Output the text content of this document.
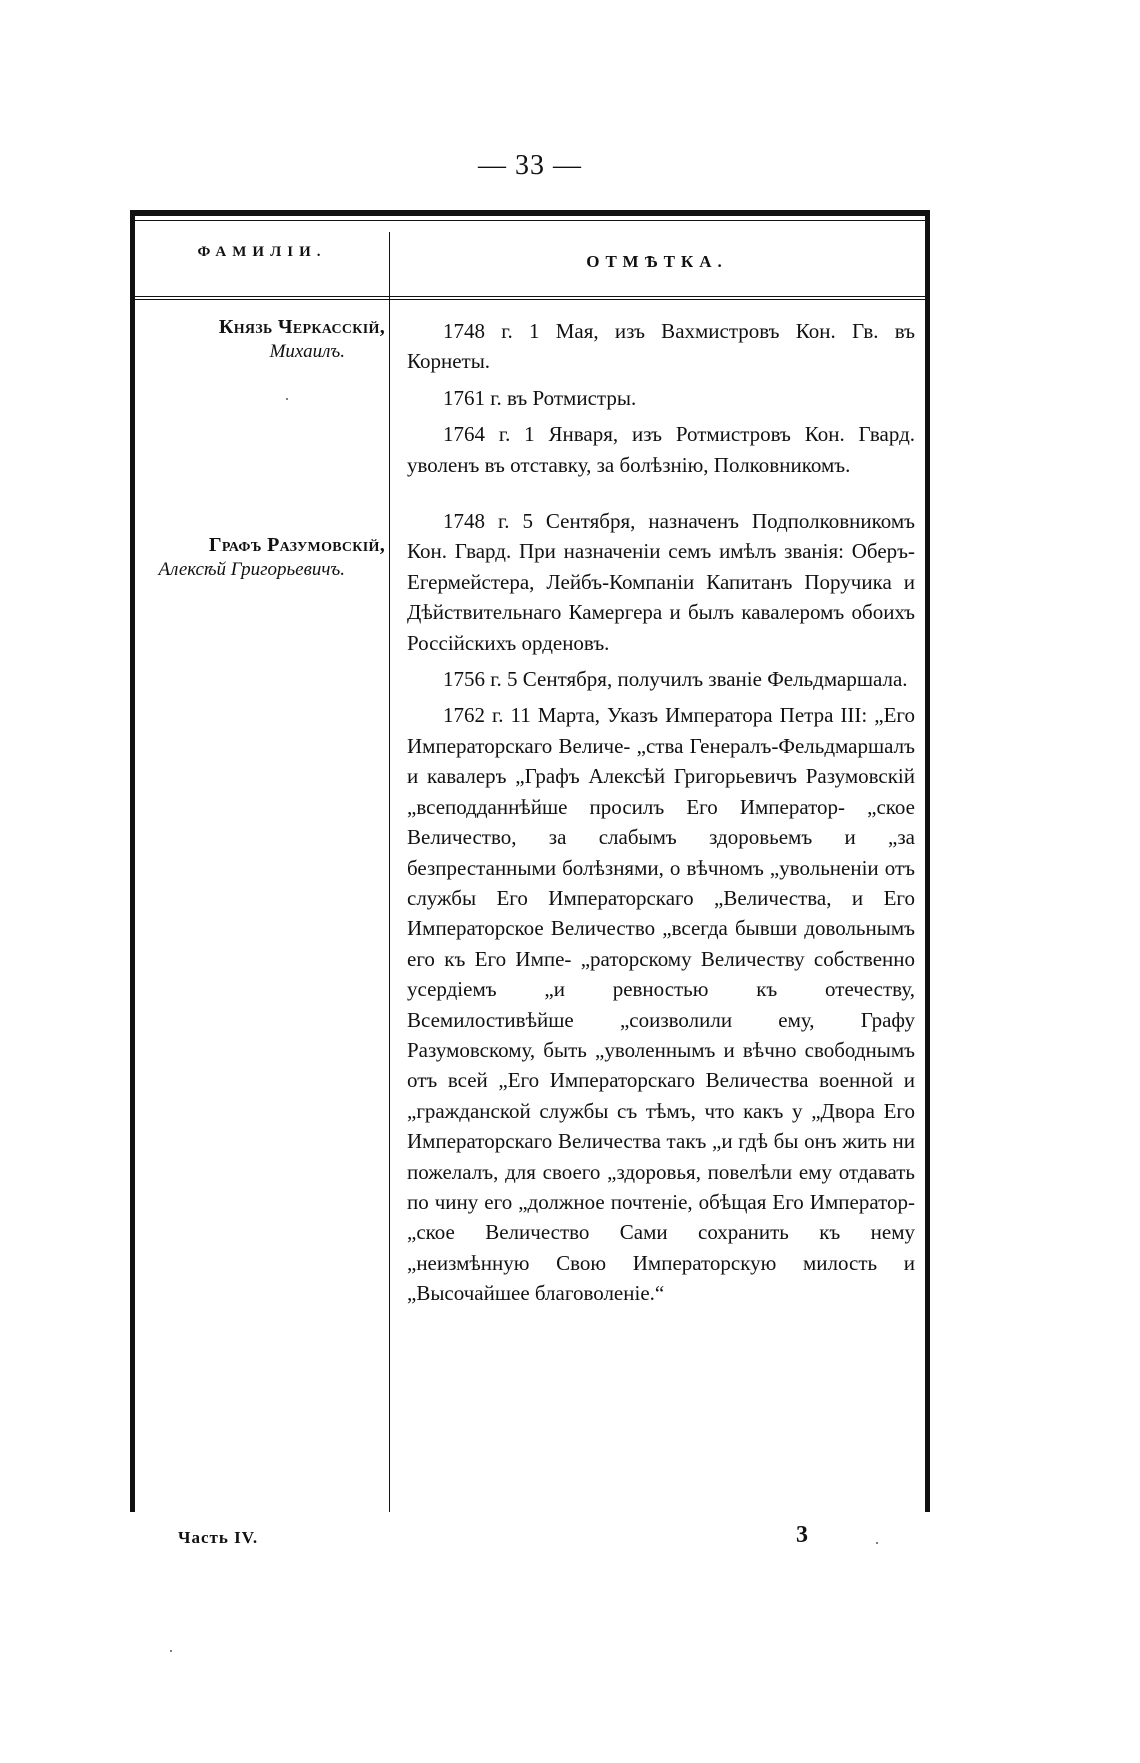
— 33 —
ФАМИЛІИ.	ОТМѢТКА.
Князь Черкасскій,
Михаилъ.
Графъ Разумовскій,
Алексѣй Григорьевичъ.

1748 г. 1 Мая, изъ Вахмистровъ Кон. Гв. въ Корнеты.

1761 г. въ Ротмистры.

1764 г. 1 Января, изъ Ротмистровъ Кон. Гвард. уволенъ въ отставку, за болѣзнію, Полковникомъ.

1748 г. 5 Сентября, назначенъ Подполковникомъ Кон. Гвард. При назначеніи семъ имѣлъ званія: Оберъ-Егермейстера, Лейбъ-Компаніи Капитанъ Поручика и Дѣйствительнаго Камергера и былъ кавалеромъ обоихъ Россійскихъ орденовъ.

1756 г. 5 Сентября, получилъ званіе Фельдмаршала.

1762 г. 11 Марта, Указъ Императора Петра III: „Его Императорскаго Величе- „ства Генералъ-Фельдмаршалъ и кавалеръ „Графъ Алексѣй Григорьевичъ Разумовскій „всеподданнѣйше просилъ Его Император- „ское Величество, за слабымъ здоровьемъ и „за безпрестанными болѣзнями, о вѣчномъ „увольненіи отъ службы Его Императорскаго „Величества, и Его Императорское Величество „всегда бывши довольнымъ его къ Его Импе- „раторскому Величеству собственно усердіемъ „и ревностью къ отечеству, Всемилостивѣйше „соизволили ему, Графу Разумовскому, быть „уволеннымъ и вѣчно свободнымъ отъ всей „Его Императорскаго Величества военной и „гражданской службы съ тѣмъ, что какъ у „Двора Его Императорскаго Величества такъ „и гдѣ бы онъ жить ни пожелалъ, для своего „здоровья, повелѣли ему отдавать по чину его „должное почтеніе, обѣщая Его Император- „ское Величество Сами сохранить къ нему „неизмѣнную Свою Императорскую милость и „Высочайшее благоволеніе.“

Часть IV.	3
